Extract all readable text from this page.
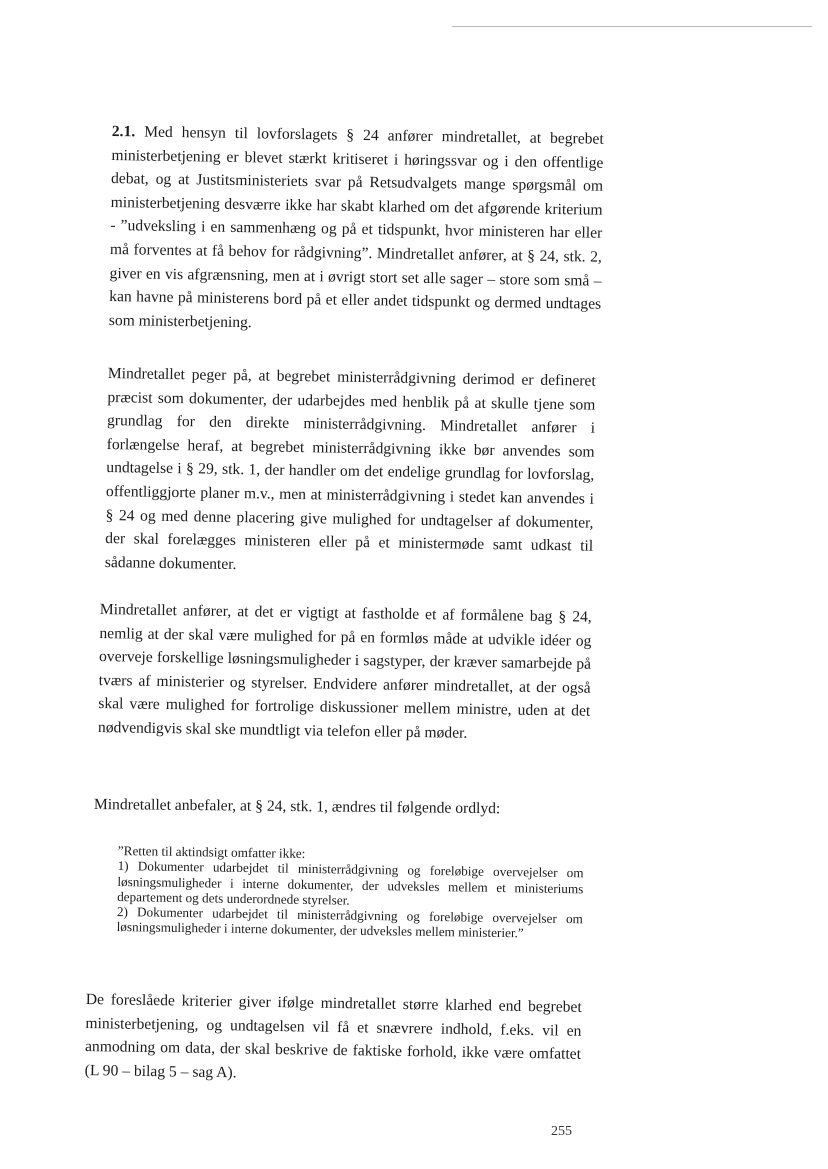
2.1. Med hensyn til lovforslagets § 24 anfører mindretallet, at begrebet ministerbetjening er blevet stærkt kritiseret i høringssvar og i den offentlige debat, og at Justitsministeriets svar på Retsudvalgets mange spørgsmål om ministerbetjening desværre ikke har skabt klarhed om det afgørende kriterium - ”udveksling i en sammenhæng og på et tidspunkt, hvor ministeren har eller må forventes at få behov for rådgivning”. Mindretallet anfører, at § 24, stk. 2, giver en vis afgrænsning, men at i øvrigt stort set alle sager – store som små – kan havne på ministerens bord på et eller andet tidspunkt og dermed undtages som ministerbetjening.

Mindretallet peger på, at begrebet ministerrådgivning derimod er defineret præcist som dokumenter, der udarbejdes med henblik på at skulle tjene som grundlag for den direkte ministerrådgivning. Mindretallet anfører i forlængelse heraf, at begrebet ministerrådgivning ikke bør anvendes som undtagelse i § 29, stk. 1, der handler om det endelige grundlag for lovforslag, offentliggjorte planer m.v., men at ministerrådgivning i stedet kan anvendes i § 24 og med denne placering give mulighed for undtagelser af dokumenter, der skal forelægges ministeren eller på et ministermøde samt udkast til sådanne dokumenter.

Mindretallet anfører, at det er vigtigt at fastholde et af formålene bag § 24, nemlig at der skal være mulighed for på en formløs måde at udvikle idéer og overveje forskellige løsningsmuligheder i sagstyper, der kræver samarbejde på tværs af ministerier og styrelser. Endvidere anfører mindretallet, at der også skal være mulighed for fortrolige diskussioner mellem ministre, uden at det nødvendigvis skal ske mundtligt via telefon eller på møder.

Mindretallet anbefaler, at § 24, stk. 1, ændres til følgende ordlyd:

”Retten til aktindsigt omfatter ikke:
1) Dokumenter udarbejdet til ministerrådgivning og foreløbige overvejelser om løsningsmuligheder i interne dokumenter, der udveksles mellem et ministeriums departement og dets underordnede styrelser.
2) Dokumenter udarbejdet til ministerrådgivning og foreløbige overvejelser om løsningsmuligheder i interne dokumenter, der udveksles mellem ministerier.”

De foreslåede kriterier giver ifølge mindretallet større klarhed end begrebet ministerbetjening, og undtagelsen vil få et snævrere indhold, f.eks. vil en anmodning om data, der skal beskrive de faktiske forhold, ikke være omfattet (L 90 – bilag 5 – sag A).

255
